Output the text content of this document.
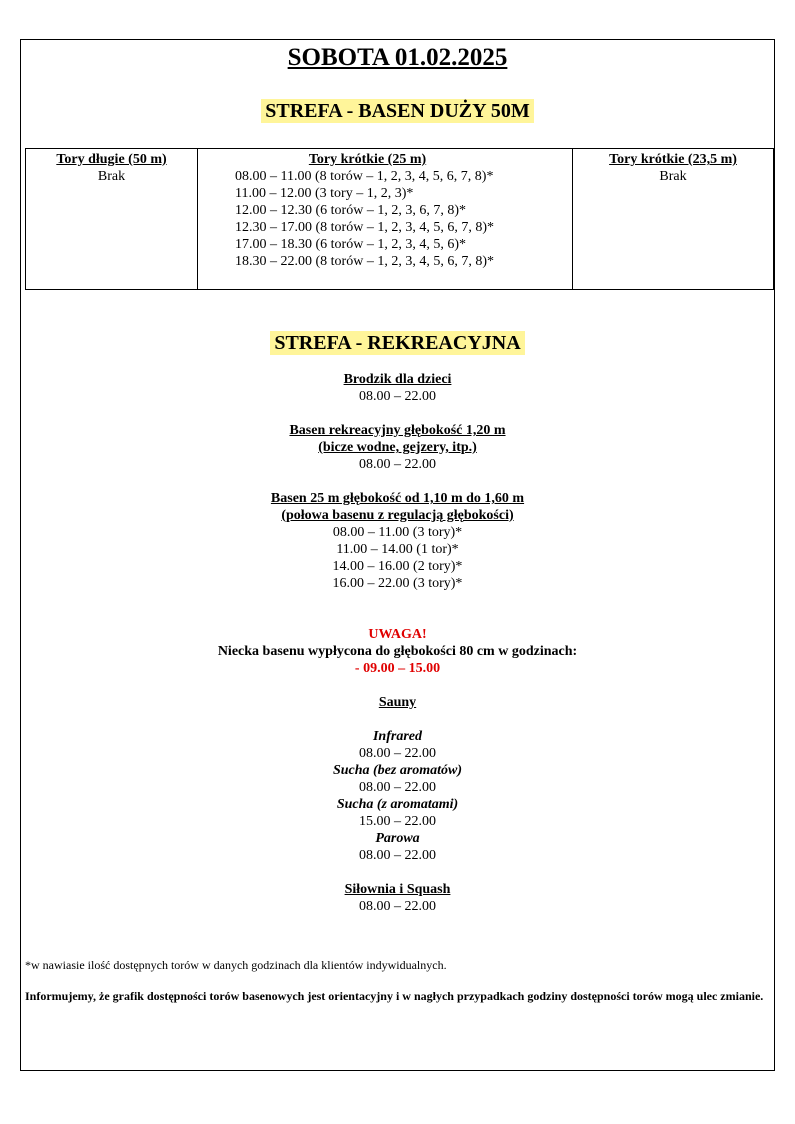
SOBOTA 01.02.2025
STREFA - BASEN DUŻY 50M
Tory długie (50 m)
Brak
Tory krótkie (25 m)
08.00 – 11.00 (8 torów – 1, 2, 3, 4, 5, 6, 7, 8)*
11.00 – 12.00 (3 tory – 1, 2, 3)*
12.00 – 12.30 (6 torów – 1, 2, 3, 6, 7, 8)*
12.30 – 17.00 (8 torów – 1, 2, 3, 4, 5, 6, 7, 8)*
17.00 – 18.30 (6 torów – 1, 2, 3, 4, 5, 6)*
18.30 – 22.00 (8 torów – 1, 2, 3, 4, 5, 6, 7, 8)*
Tory krótkie (23,5 m)
Brak
STREFA - REKREACYJNA
Brodzik dla dzieci
08.00 – 22.00
Basen rekreacyjny głębokość 1,20 m
(bicze wodne, gejzery, itp.)
08.00 – 22.00
Basen 25 m głębokość od 1,10 m do 1,60 m
(połowa basenu z regulacją głębokości)
08.00 – 11.00 (3 tory)*
11.00 – 14.00 (1 tor)*
14.00 – 16.00 (2 tory)*
16.00 – 22.00 (3 tory)*
UWAGA!
Niecka basenu wypłycona do głębokości 80 cm w godzinach:
- 09.00 – 15.00
Sauny
Infrared
08.00 – 22.00
Sucha (bez aromatów)
08.00 – 22.00
Sucha (z aromatami)
15.00 – 22.00
Parowa
08.00 – 22.00
Siłownia i Squash
08.00 – 22.00
*w nawiasie ilość dostępnych torów w danych godzinach dla klientów indywidualnych.
Informujemy, że grafik dostępności torów basenowych jest orientacyjny i w nagłych przypadkach godziny dostępności torów mogą ulec zmianie.
